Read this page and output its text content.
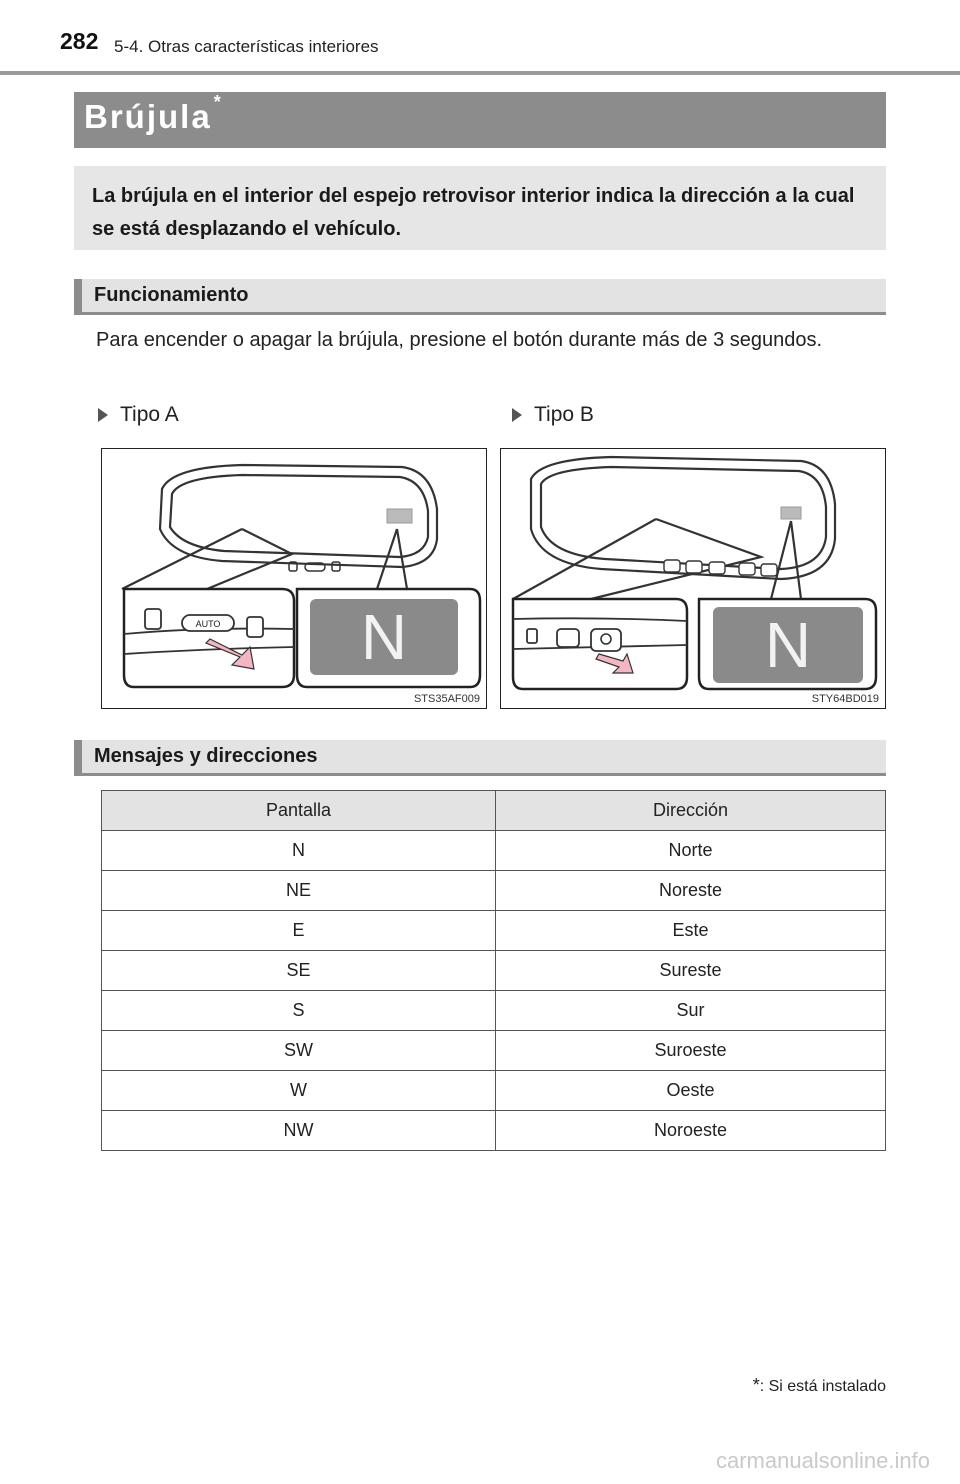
282 5-4. Otras características interiores
Brújula *
La brújula en el interior del espejo retrovisor interior indica la dirección a la cual se está desplazando el vehículo.
Funcionamiento
Para encender o apagar la brújula, presione el botón durante más de 3 segundos.
Tipo A	Tipo B
AUTO N
STS35AF009
N
STY64BD019
Mensajes y direcciones
Pantalla	Dirección
N	Norte
NE	Noreste
E	Este
SE	Sureste
S	Sur
SW	Suroeste
W	Oeste
NW	Noroeste
*: Si está instalado
carmanualsonline.info
